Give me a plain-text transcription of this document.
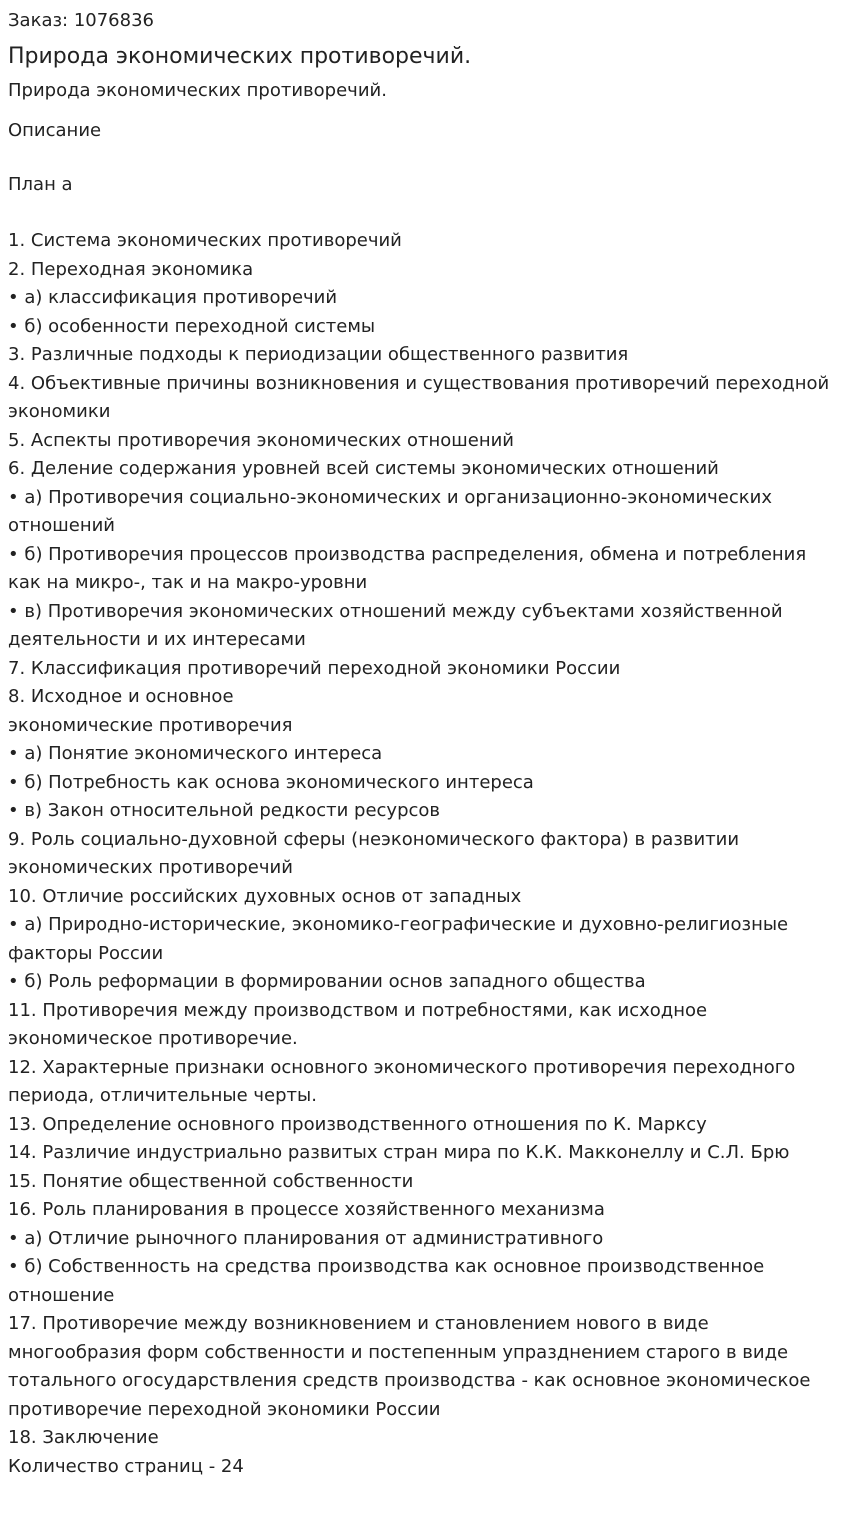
Заказ: 1076836
Природа экономических противоречий.
Природа экономических противоречий.
Описание
План а
1. Система экономических противоречий
2. Переходная экономика
• а) классификация противоречий
• б) особенности переходной системы
3. Различные подходы к периодизации общественного развития
4. Объективные причины возникновения и существования противоречий переходной экономики
5. Аспекты противоречия экономических отношений
6. Деление содержания уровней всей системы экономических отношений
• а) Противоречия социально-экономических и организационно-экономических отношений
• б) Противоречия процессов производства распределения, обмена и потребления как на микро-, так и на макро-уровни
• в) Противоречия экономических отношений между субъектами хозяйственной деятельности и их интересами
7. Классификация противоречий переходной экономики России
8. Исходное и основное
экономические противоречия
• а) Понятие экономического интереса
• б) Потребность как основа экономического интереса
• в) Закон относительной редкости ресурсов
9. Роль социально-духовной сферы (неэкономического фактора) в развитии экономических противоречий
10. Отличие российских духовных основ от западных
• а) Природно-исторические, экономико-географические и духовно-религиозные факторы России
• б) Роль реформации в формировании основ западного общества
11. Противоречия между производством и потребностями, как исходное экономическое противоречие.
12. Характерные признаки основного экономического противоречия переходного периода, отличительные черты.
13. Определение основного производственного отношения по К. Марксу
14. Различие индустриально развитых стран мира по К.К. Макконеллу и С.Л. Брю
15. Понятие общественной собственности
16. Роль планирования в процессе хозяйственного механизма
• а) Отличие рыночного планирования от административного
• б) Собственность на средства производства как основное производственное отношение
17. Противоречие между возникновением и становлением нового в виде многообразия форм собственности и постепенным упразднением старого в виде тотального огосударствления средств производства - как основное экономическое противоречие переходной экономики России
18. Заключение
Количество страниц - 24
